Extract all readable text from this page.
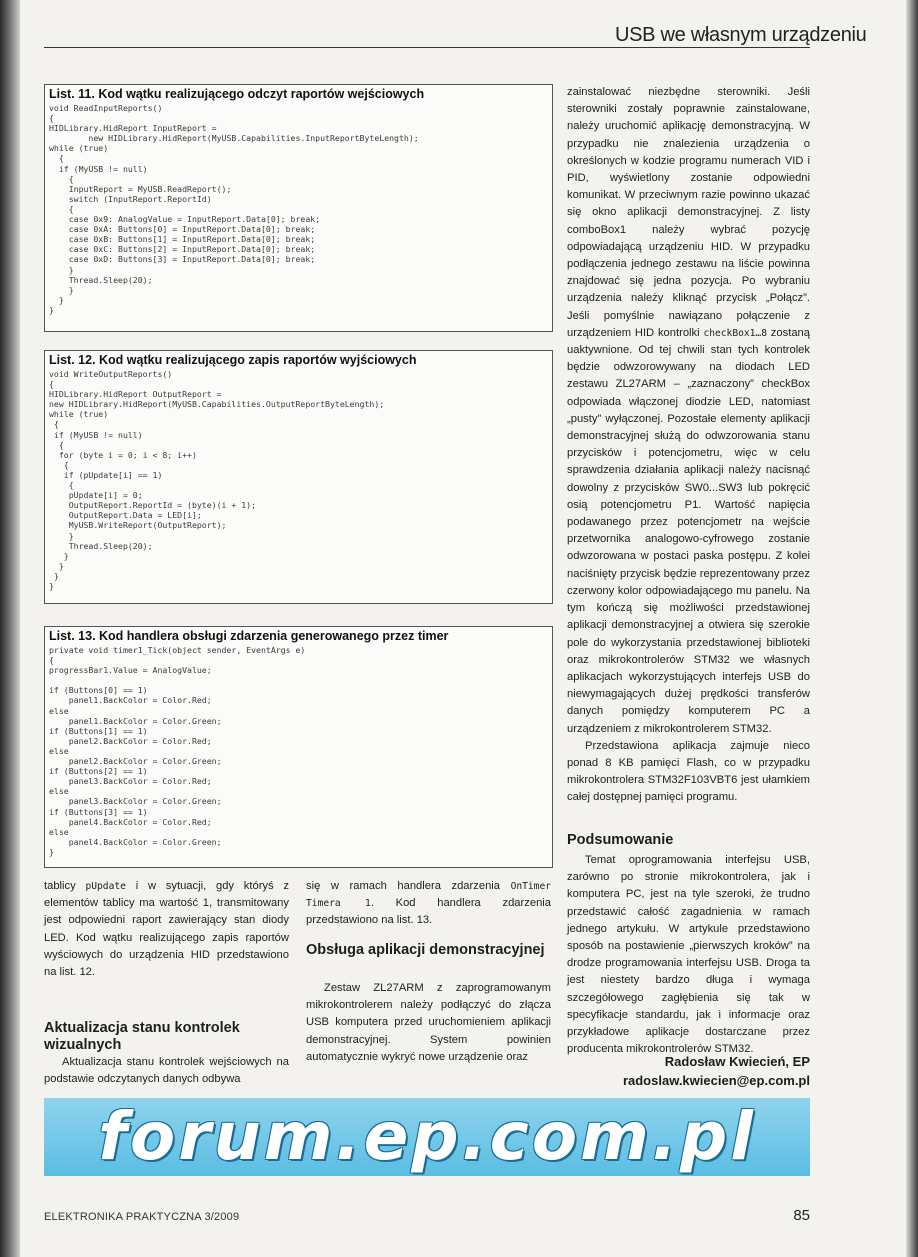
USB we własnym urządzeniu
List. 11. Kod wątku realizującego odczyt raportów wejściowych
void ReadInputReports()
{
HIDLibrary.HidReport InputReport =
new HIDLibrary.HidReport(MyUSB.Capabilities.InputReportByteLength);
while (true)
{
if (MyUSB != null)
{
InputReport = MyUSB.ReadReport();
switch (InputReport.ReportId)
{
case 0x9: AnalogValue = InputReport.Data[0]; break;
case 0xA: Buttons[0] = InputReport.Data[0]; break;
case 0xB: Buttons[1] = InputReport.Data[0]; break;
case 0xC: Buttons[2] = InputReport.Data[0]; break;
case 0xD: Buttons[3] = InputReport.Data[0]; break;
}
Thread.Sleep(20);
}
}
}
List. 12. Kod wątku realizującego zapis raportów wyjściowych
void WriteOutputReports()
{
HIDLibrary.HidReport OutputReport =
new HIDLibrary.HidReport(MyUSB.Capabilities.OutputReportByteLength);
while (true)
{
if (MyUSB != null)
{
for (byte i = 0; i < 8; i++)
{
if (pUpdate[i] == 1)
{
pUpdate[i] = 0;
OutputReport.ReportId = (byte)(i + 1);
OutputReport.Data = LED[i];
MyUSB.WriteReport(OutputReport);
}
Thread.Sleep(20);
}
}
}
}
List. 13. Kod handlera obsługi zdarzenia generowanego przez timer
private void timer1_Tick(object sender, EventArgs e)
{
progressBar1.Value = AnalogValue;

if (Buttons[0] == 1)
panel1.BackColor = Color.Red;
else
panel1.BackColor = Color.Green;
if (Buttons[1] == 1)
panel2.BackColor = Color.Red;
else
panel2.BackColor = Color.Green;
if (Buttons[2] == 1)
panel3.BackColor = Color.Red;
else
panel3.BackColor = Color.Green;
if (Buttons[3] == 1)
panel4.BackColor = Color.Red;
else
panel4.BackColor = Color.Green;
}

tablicy pUpdate i w sytuacji, gdy któryś z elementów tablicy ma wartość 1, transmitowany jest odpowiedni raport zawierający stan diody LED. Kod wątku realizującego zapis raportów wyściowych do urządzenia HID przedstawiono na list. 12.

Aktualizacja stanu kontrolek wizualnych

Aktualizacja stanu kontrolek wejściowych na podstawie odczytanych danych odbywa

się w ramach handlera zdarzenia OnTimer Timera 1. Kod handlera zdarzenia przedstawiono na list. 13.

Obsługa aplikacji demonstracyjnej

Zestaw ZL27ARM z zaprogramowanym mikrokontrolerem należy podłączyć do złącza USB komputera przed uruchomieniem aplikacji demonstracyjnej. System powinien automatycznie wykryć nowe urządzenie oraz

zainstalować niezbędne sterowniki. Jeśli sterowniki zostały poprawnie zainstalowane, należy uruchomić aplikację demonstracyjną. W przypadku nie znalezienia urządzenia o określonych w kodzie programu numerach VID i PID, wyświetlony zostanie odpowiedni komunikat. W przeciwnym razie powinno ukazać się okno aplikacji demonstracyjnej. Z listy comboBox1 należy wybrać pozycję odpowiadającą urządzeniu HID. W przypadku podłączenia jednego zestawu na liście powinna znajdować się jedna pozycja. Po wybraniu urządzenia należy kliknąć przycisk „Połącz”. Jeśli pomyślnie nawiązano połączenie z urządzeniem HID kontrolki checkBox1…8 zostaną uaktywnione. Od tej chwili stan tych kontrolek będzie odwzorowywany na diodach LED zestawu ZL27ARM – „zaznaczony” checkBox odpowiada włączonej diodzie LED, natomiast „pusty” wyłączonej. Pozostałe elementy aplikacji demonstracyjnej służą do odwzorowania stanu przycisków i potencjometru, więc w celu sprawdzenia działania aplikacji należy nacisnąć dowolny z przycisków SW0...SW3 lub pokręcić osią potencjometru P1. Wartość napięcia podawanego przez potencjometr na wejście przetwornika analogowo-cyfrowego zostanie odwzorowana w postaci paska postępu. Z kolei naciśnięty przycisk będzie reprezentowany przez czerwony kolor odpowiadającego mu panelu. Na tym kończą się możliwości przedstawionej aplikacji demonstracyjnej a otwiera się szerokie pole do wykorzystania przedstawionej biblioteki oraz mikrokontrolerów STM32 we własnych aplikacjach wykorzystujących interfejs USB do niewymagających dużej prędkości transferów danych pomiędzy komputerem PC a urządzeniem z mikrokontrolerem STM32.

Przedstawiona aplikacja zajmuje nieco ponad 8 KB pamięci Flash, co w przypadku mikrokontrolera STM32F103VBT6 jest ułamkiem całej dostępnej pamięci programu.

Podsumowanie

Temat oprogramowania interfejsu USB, zarówno po stronie mikrokontrolera, jak i komputera PC, jest na tyle szeroki, że trudno przedstawić całość zagadnienia w ramach jednego artykułu. W artykule przedstawiono sposób na postawienie „pierwszych kroków” na drodze programowania interfejsu USB. Droga ta jest niestety bardzo długa i wymaga szczegółowego zagłębienia się tak w specyfikacje standardu, jak i informacje oraz przykładowe aplikacje dostarczane przez producenta mikrokontrolerów STM32.

Radosław Kwiecień, EP
radoslaw.kwiecien@ep.com.pl
forum.ep.com.pl
ELEKTRONIKA PRAKTYCZNA 3/2009	85
